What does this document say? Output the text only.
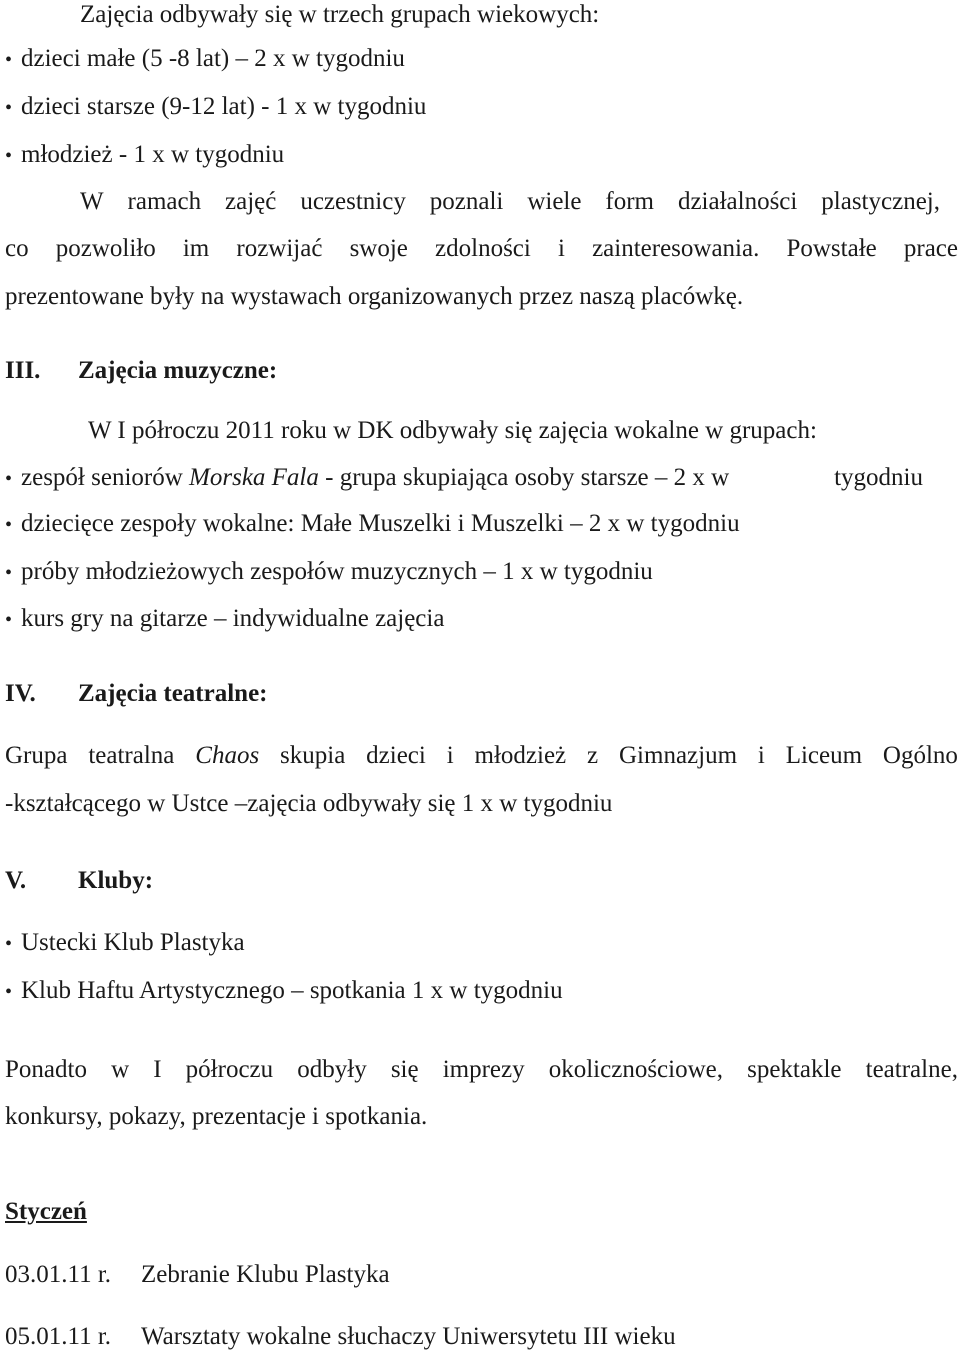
Zajęcia odbywały się w trzech grupach wiekowych:
• dzieci małe (5 -8 lat) – 2 x w tygodniu
• dzieci starsze (9-12 lat) - 1 x w tygodniu
• młodzież - 1 x w tygodniu
W ramach zajęć uczestnicy poznali wiele form działalności plastycznej,
co pozwoliło im rozwijać swoje zdolności i zainteresowania. Powstałe prace
prezentowane były na wystawach organizowanych przez naszą placówkę.
III. Zajęcia muzyczne:
W I półroczu 2011 roku w DK odbywały się zajęcia wokalne w grupach:
• zespół seniorów Morska Fala - grupa skupiająca osoby starsze – 2 x w	tygodniu
• dziecięce zespoły wokalne: Małe Muszelki i Muszelki – 2 x w tygodniu
• próby młodzieżowych zespołów muzycznych – 1 x w tygodniu
• kurs gry na gitarze – indywidualne zajęcia
IV. Zajęcia teatralne:
Grupa teatralna Chaos skupia dzieci i młodzież z Gimnazjum i Liceum Ogólno
-kształcącego w Ustce –zajęcia odbywały się 1 x w tygodniu
V. Kluby:
• Ustecki Klub Plastyka
• Klub Haftu Artystycznego – spotkania 1 x w tygodniu
Ponadto w I półroczu odbyły się imprezy okolicznościowe, spektakle teatralne,
konkursy, pokazy, prezentacje i spotkania.
Styczeń
03.01.11 r. Zebranie Klubu Plastyka
05.01.11 r. Warsztaty wokalne słuchaczy Uniwersytetu III wieku
